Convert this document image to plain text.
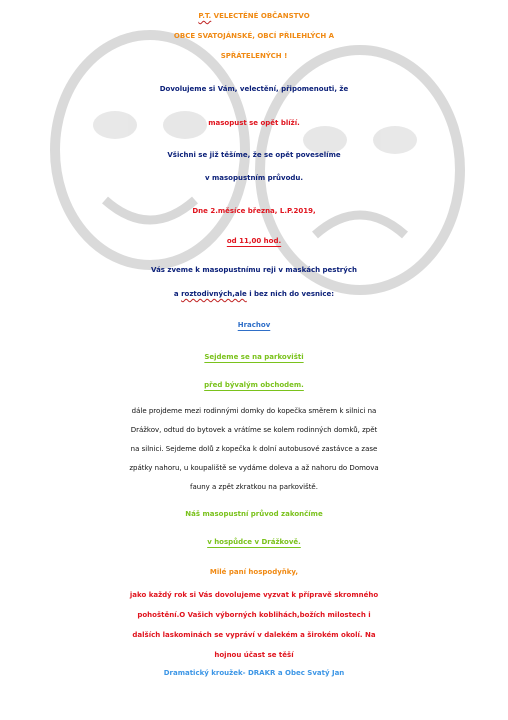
P.T. VELECTĚNÉ OBČANSTVO

OBCE SVATOJÁNSKÉ, OBCÍ PŘILEHLÝCH A

SPŘÁTELENÝCH !

Dovolujeme si Vám, velectění, připomenouti, že

masopust se opět blíží.

Všichni se již těšíme, že se opět poveselíme

v masopustním průvodu.

Dne 2.měsíce března, L.P.2019,

od 11,00 hod.

Vás zveme k masopustnímu reji v maskách pestrých

a roztodivných,ale i bez nich do vesnice:

Hrachov

Sejdeme se na parkovišti

před bývalým obchodem.

dále projdeme mezi rodinnými domky do kopečka směrem k silnici na

Drážkov, odtud do bytovek a vrátíme se kolem rodinných domků, zpět

na silnici. Sejdeme dolů z kopečka k dolní autobusové zastávce a zase

zpátky nahoru, u koupaliště se vydáme doleva a až nahoru do Domova

fauny a zpět zkratkou na parkoviště.

Náš masopustní průvod zakončíme

v hospůdce v Drážkově.

Milé paní hospodyňky,

jako každý rok si Vás dovolujeme vyzvat k přípravě skromného

pohoštění.O Vašich výborných koblihách,božích milostech i

dalších laskominách se vypráví v dalekém a širokém okolí. Na

hojnou účast se těší

Dramatický kroužek- DRAKR a Obec Svatý Jan
